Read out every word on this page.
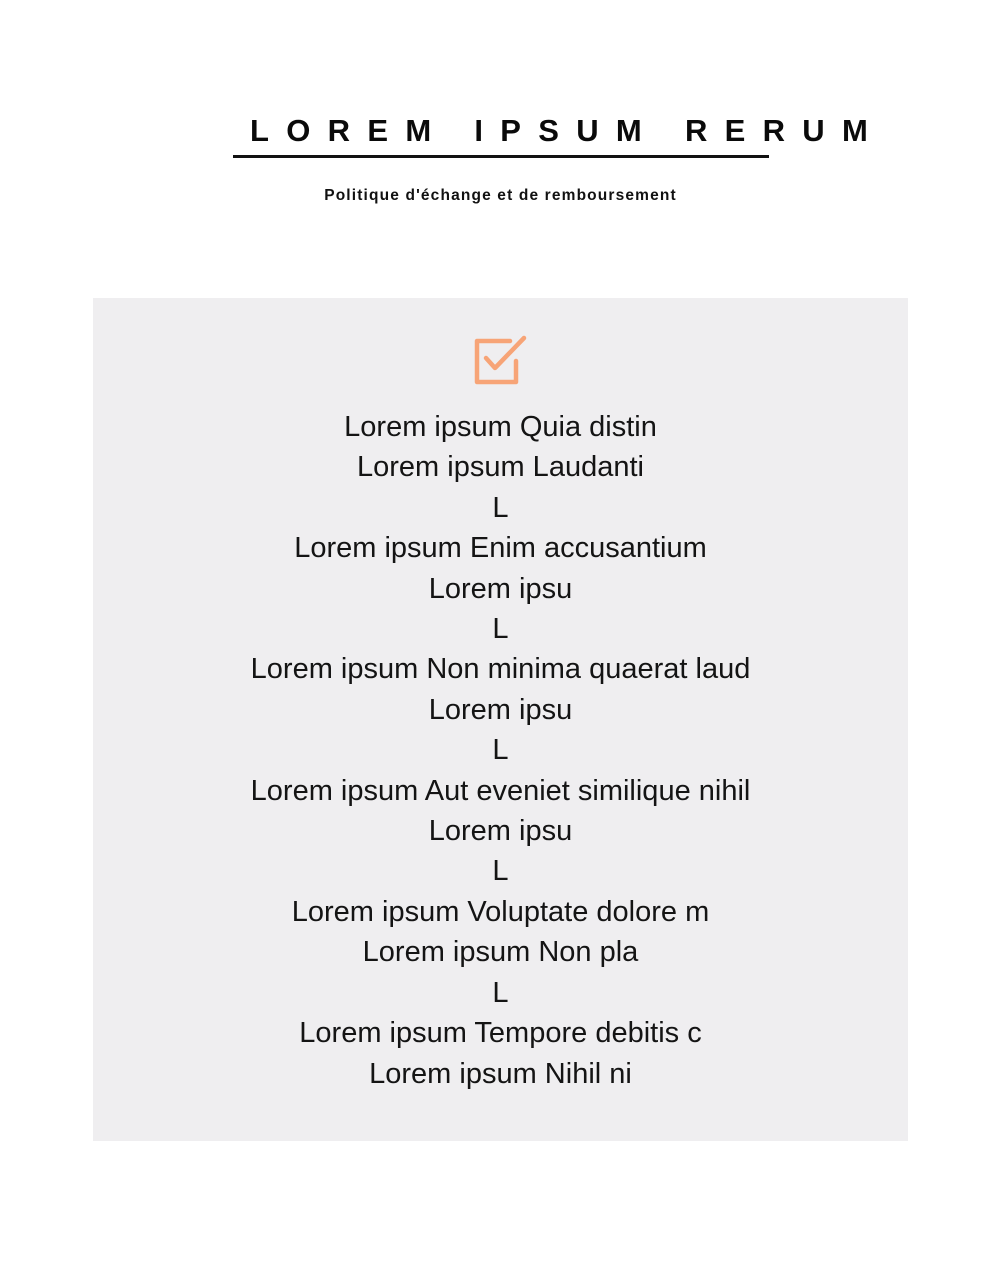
LOREM IPSUM RERUM
Politique d'échange et de remboursement
Lorem ipsum Quia distin
Lorem ipsum Laudanti
L
Lorem ipsum Enim accusantium
Lorem ipsu
L
Lorem ipsum Non minima quaerat laud
Lorem ipsu
L
Lorem ipsum Aut eveniet similique nihil
Lorem ipsu
L
Lorem ipsum Voluptate dolore m
Lorem ipsum Non pla
L
Lorem ipsum Tempore debitis c
Lorem ipsum Nihil ni
